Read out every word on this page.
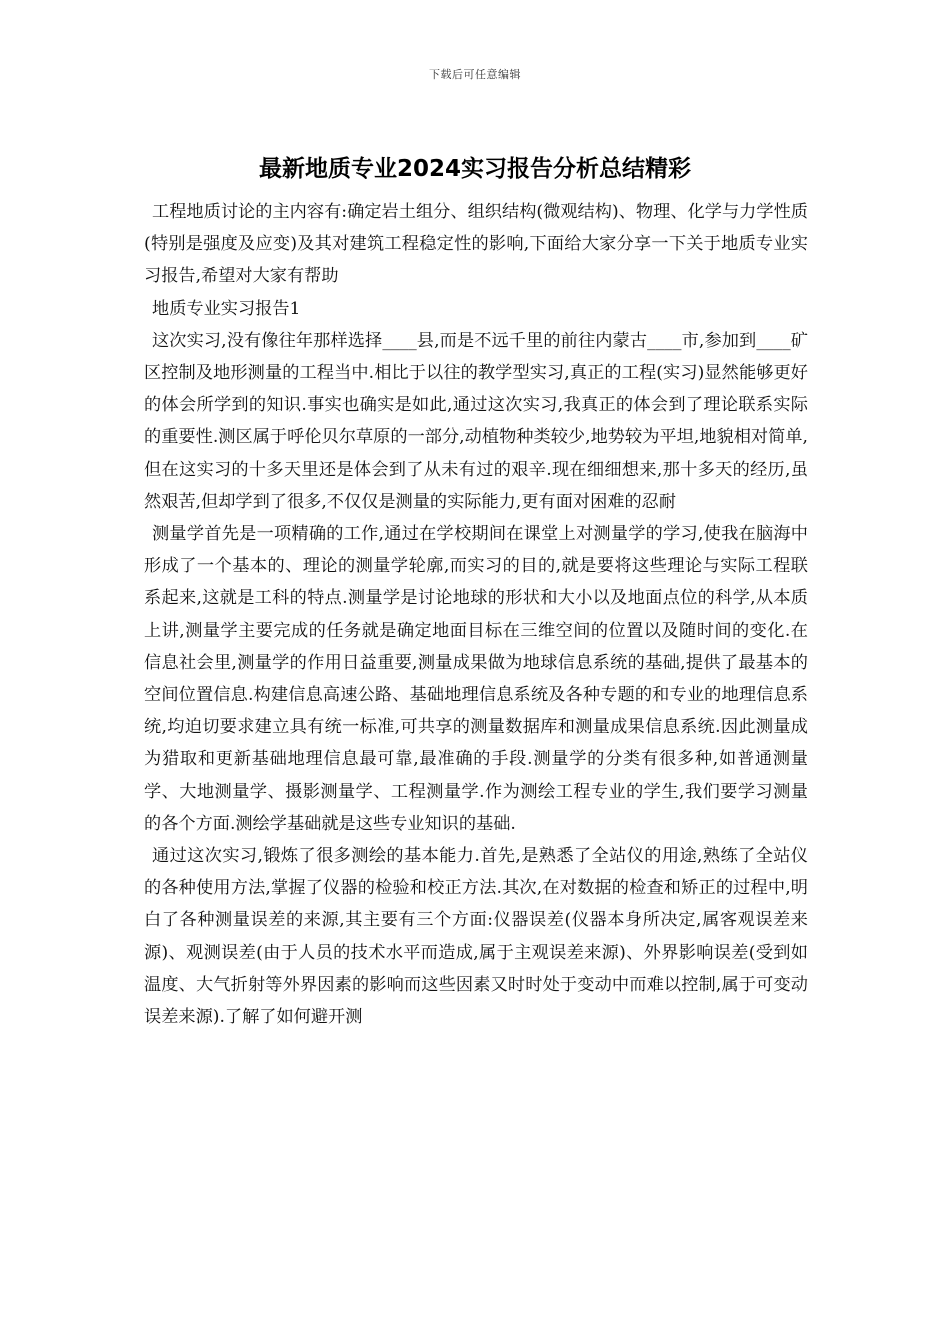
下载后可任意编辑
最新地质专业2024实习报告分析总结精彩

工程地质讨论的主内容有:确定岩土组分、组织结构(微观结构)、物理、化学与力学性质(特别是强度及应变)及其对建筑工程稳定性的影响,下面给大家分享一下关于地质专业实习报告,希望对大家有帮助

地质专业实习报告1

这次实习,没有像往年那样选择____县,而是不远千里的前往内蒙古____市,参加到____矿区控制及地形测量的工程当中.相比于以往的教学型实习,真正的工程(实习)显然能够更好的体会所学到的知识.事实也确实是如此,通过这次实习,我真正的体会到了理论联系实际的重要性.测区属于呼伦贝尔草原的一部分,动植物种类较少,地势较为平坦,地貌相对简单,但在这实习的十多天里还是体会到了从未有过的艰辛.现在细细想来,那十多天的经历,虽然艰苦,但却学到了很多,不仅仅是测量的实际能力,更有面对困难的忍耐

测量学首先是一项精确的工作,通过在学校期间在课堂上对测量学的学习,使我在脑海中形成了一个基本的、理论的测量学轮廓,而实习的目的,就是要将这些理论与实际工程联系起来,这就是工科的特点.测量学是讨论地球的形状和大小以及地面点位的科学,从本质上讲,测量学主要完成的任务就是确定地面目标在三维空间的位置以及随时间的变化.在信息社会里,测量学的作用日益重要,测量成果做为地球信息系统的基础,提供了最基本的空间位置信息.构建信息高速公路、基础地理信息系统及各种专题的和专业的地理信息系统,均迫切要求建立具有统一标准,可共享的测量数据库和测量成果信息系统.因此测量成为猎取和更新基础地理信息最可靠,最准确的手段.测量学的分类有很多种,如普通测量学、大地测量学、摄影测量学、工程测量学.作为测绘工程专业的学生,我们要学习测量的各个方面.测绘学基础就是这些专业知识的基础.

通过这次实习,锻炼了很多测绘的基本能力.首先,是熟悉了全站仪的用途,熟练了全站仪的各种使用方法,掌握了仪器的检验和校正方法.其次,在对数据的检查和矫正的过程中,明白了各种测量误差的来源,其主要有三个方面:仪器误差(仪器本身所决定,属客观误差来源)、观测误差(由于人员的技术水平而造成,属于主观误差来源)、外界影响误差(受到如温度、大气折射等外界因素的影响而这些因素又时时处于变动中而难以控制,属于可变动误差来源).了解了如何避开测
